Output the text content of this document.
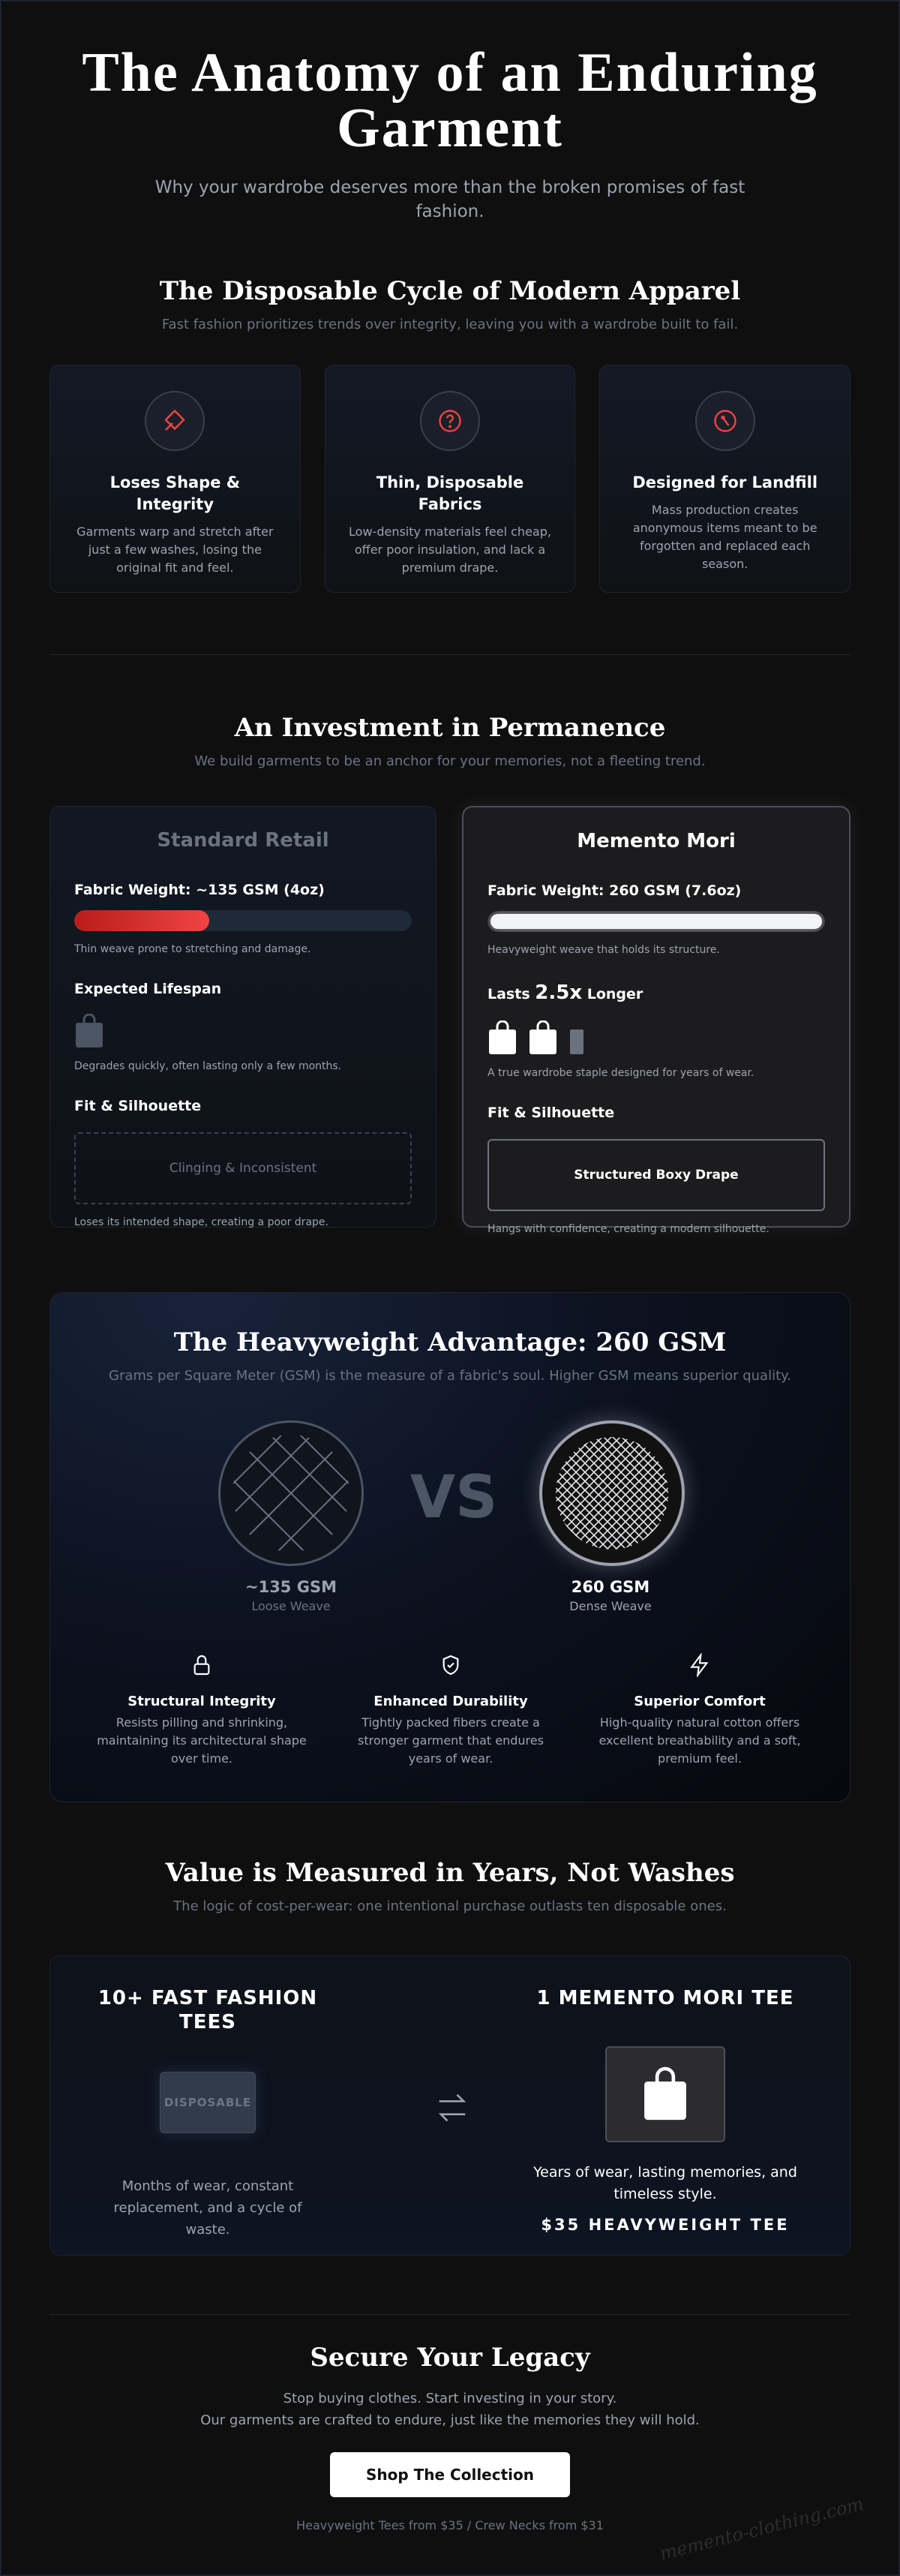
The Anatomy of an Enduring Garment

Why your wardrobe deserves more than the broken promises of fast fashion.

The Disposable Cycle of Modern Apparel

Fast fashion prioritizes trends over integrity, leaving you with a wardrobe built to fail.

Loses Shape & Integrity

Garments warp and stretch after just a few washes, losing the original fit and feel.

Thin, Disposable Fabrics

Low-density materials feel cheap, offer poor insulation, and lack a premium drape.

Designed for Landfill

Mass production creates anonymous items meant to be forgotten and replaced each season.

An Investment in Permanence

We build garments to be an anchor for your memories, not a fleeting trend.

Standard Retail
Fabric Weight: ~135 GSM (4oz)
Thin weave prone to stretching and damage.
Expected Lifespan
Degrades quickly, often lasting only a few months.
Fit & Silhouette
Clinging & Inconsistent
Loses its intended shape, creating a poor drape.
Memento Mori
Fabric Weight: 260 GSM (7.6oz)
Heavyweight weave that holds its structure.
Lasts 2.5x Longer
A true wardrobe staple designed for years of wear.
Fit & Silhouette
Structured Boxy Drape
Hangs with confidence, creating a modern silhouette.
The Heavyweight Advantage: 260 GSM

Grams per Square Meter (GSM) is the measure of a fabric's soul. Higher GSM means superior quality.

VS
~135 GSM
Loose Weave
260 GSM
Dense Weave
Structural Integrity

Resists pilling and shrinking, maintaining its architectural shape over time.

Enhanced Durability

Tightly packed fibers create a stronger garment that endures years of wear.

Superior Comfort

High-quality natural cotton offers excellent breathability and a soft, premium feel.

Value is Measured in Years, Not Washes

The logic of cost-per-wear: one intentional purchase outlasts ten disposable ones.

10+ FAST FASHION TEES
DISPOSABLE
Months of wear, constant replacement, and a cycle of waste.
1 MEMENTO MORI TEE
Years of wear, lasting memories, and timeless style.
$35 HEAVYWEIGHT TEE
Secure Your Legacy

Stop buying clothes. Start investing in your story.
Our garments are crafted to endure, just like the memories they will hold.

Shop The Collection
Heavyweight Tees from $35 / Crew Necks from $31	memento-clothing.com
